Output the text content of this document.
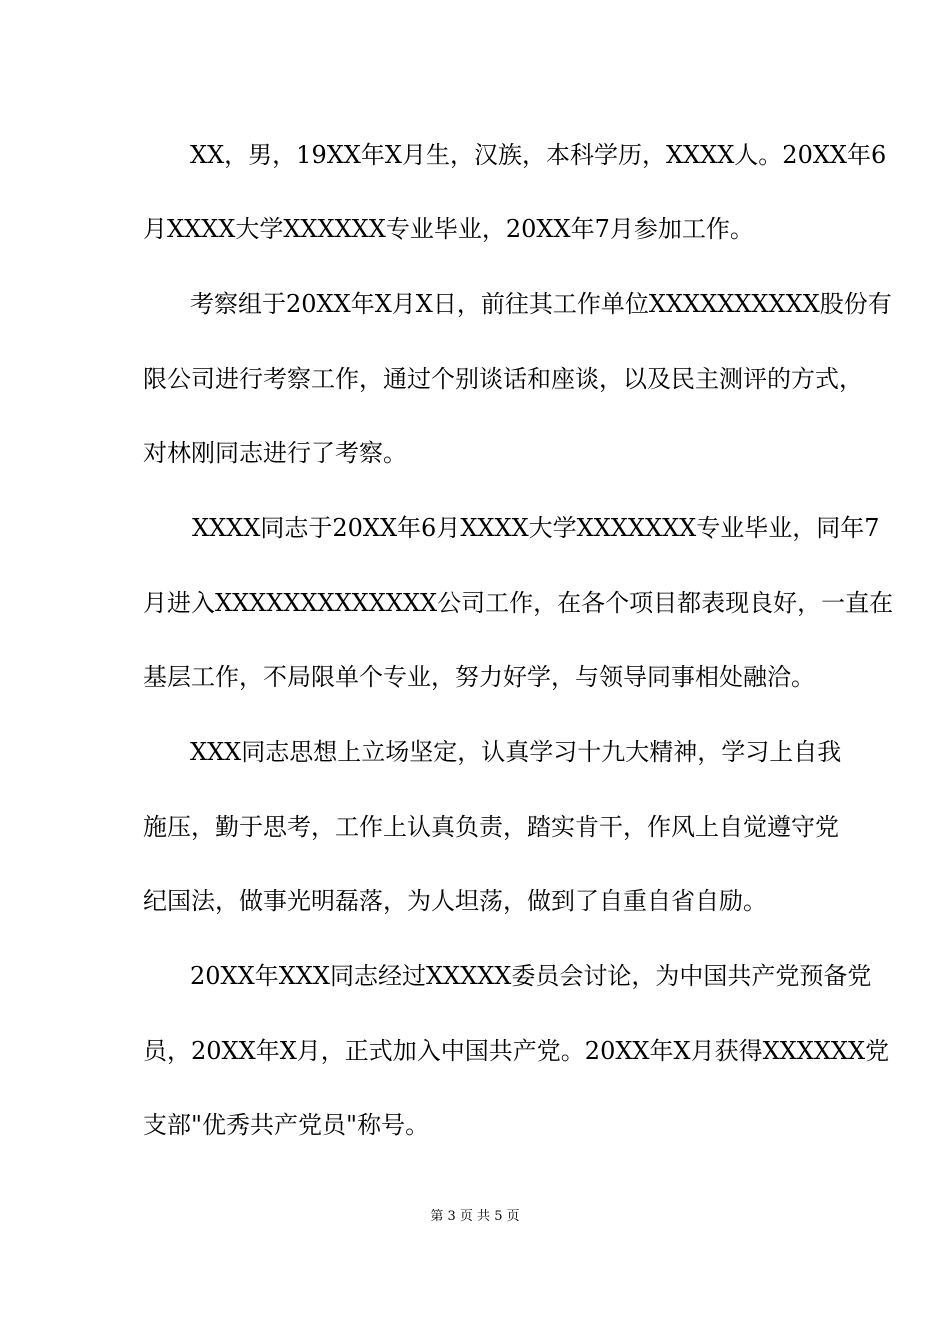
XX，男，19XX年X月生，汉族，本科学历，XXXX人。20XX年6
月XXXX大学XXXXXX专业毕业，20XX年7月参加工作。
考察组于20XX年X月X日，前往其工作单位XXXXXXXXXX股份有
限公司进行考察工作，通过个别谈话和座谈，以及民主测评的方式，
对林刚同志进行了考察。
XXXX同志于20XX年6月XXXX大学XXXXXXX专业毕业，同年7
月进入XXXXXXXXXXXXX公司工作，在各个项目都表现良好，一直在
基层工作，不局限单个专业，努力好学，与领导同事相处融洽。
XXX同志思想上立场坚定，认真学习十九大精神，学习上自我
施压，勤于思考，工作上认真负责，踏实肯干，作风上自觉遵守党
纪国法，做事光明磊落，为人坦荡，做到了自重自省自励。
20XX年XXX同志经过XXXXX委员会讨论，为中国共产党预备党
员，20XX年X月，正式加入中国共产党。20XX年X月获得XXXXXX党
支部"优秀共产党员"称号。
第 3 页 共 5 页
